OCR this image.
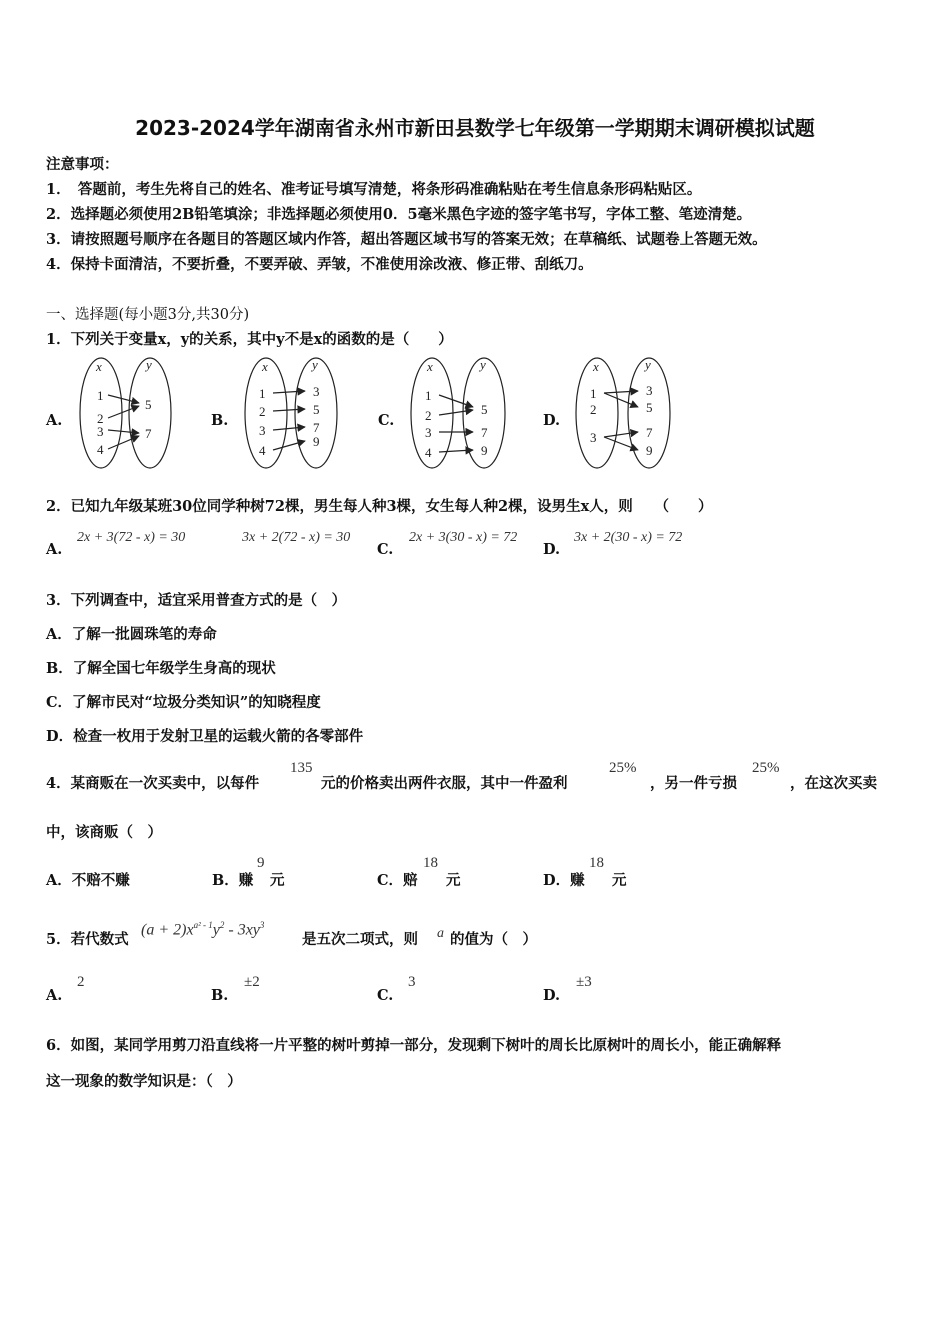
2023-2024学年湖南省永州市新田县数学七年级第一学期期末调研模拟试题
注意事项：
1．　答题前，考生先将自己的姓名、准考证号填写清楚，将条形码准确粘贴在考生信息条形码粘贴区。
2．选择题必须使用2B铅笔填涂；非选择题必须使用0．5毫米黑色字迹的签字笔书写，字体工整、笔迹清楚。
3．请按照题号顺序在各题目的答题区域内作答，超出答题区域书写的答案无效；在草稿纸、试题卷上答题无效。
4．保持卡面清洁，不要折叠，不要弄破、弄皱，不准使用涂改液、修正带、刮纸刀。
一、选择题(每小题3分,共30分)
1．下列关于变量x，y的关系，其中y不是x的函数的是（　　）
A.	B.	C.	D.
x	y
1
2
3
4
5
7
x	y
1
2
3
4
3
5
7
9
x	y
1
2
3
4
5
7
9
x	y
1
2
3
3
5
7
9
2．已知九年级某班30位同学种树72棵，男生每人种3棵，女生每人种2棵，设男生x人，则　　（　　）
A.
2x + 3(72 - x) = 30	3x + 2(72 - x) = 30
C.
2x + 3(30 - x) = 72
D.
3x + 2(30 - x) = 72
3．下列调查中，适宜采用普查方式的是（　）
A．了解一批圆珠笔的寿命
B．了解全国七年级学生身高的现状
C．了解市民对“垃圾分类知识”的知晓程度
D．检查一枚用于发射卫星的运载火箭的各零部件
4．某商贩在一次买卖中，以每件
135
元的价格卖出两件衣服，其中一件盈利
25%
，另一件亏损
25%
，在这次买卖
中，该商贩（　）
A．不赔不赚	B．赚
9
元	C．赔
18
元	D．赚
18
元
5．若代数式
$(a + 2)x^{a^2 - 1}y^2 - 3xy^3$
是五次二项式，则 a 的值为（　）
A.
2
B.
±2
C.
3
D.
±3
6．如图，某同学用剪刀沿直线将一片平整的树叶剪掉一部分，发现剩下树叶的周长比原树叶的周长小，能正确解释
这一现象的数学知识是：（　）
